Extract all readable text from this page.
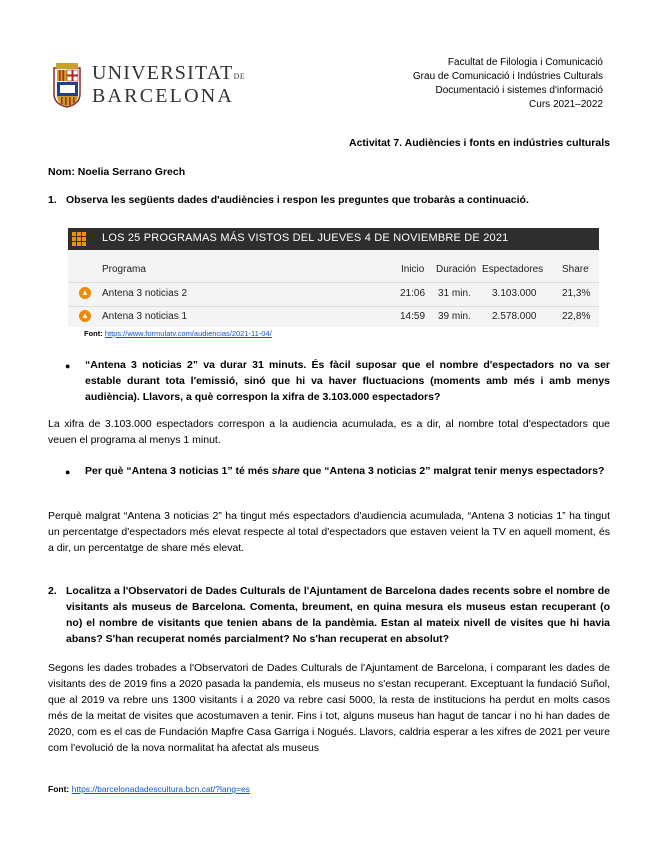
UNIVERSITATDE
BARCELONA
Facultat de Filologia i Comunicació
Grau de Comunicació i Indústries Culturals
Documentació i sistemes d'informació
Curs 2021–2022
Activitat 7. Audiències i fonts en indústries culturals
Nom: Noelia Serrano Grech
1. Observa les següents dades d'audiències i respon les preguntes que trobaràs a continuació.
LOS 25 PROGRAMAS MÁS VISTOS DEL JUEVES 4 DE NOVIEMBRE DE 2021
Programa	Inicio Duración Espectadores Share
▲ Antena 3 noticias 2	21:06 31 min. 3.103.000	21,3%
▲ Antena 3 noticias 1	14:59 39 min. 2.578.000	22,8%
Font: https://www.formulatv.com/audiencias/2021-11-04/
● “Antena 3 noticias 2” va durar 31 minuts. És fàcil suposar que el nombre d'espectadors no va ser estable durant tota l'emissió, sinó que hi va haver fluctuacions (moments amb més i amb menys audiència). Llavors, a què correspon la xifra de 3.103.000 espectadors?
La xifra de 3.103.000 espectadors correspon a la audiencia acumulada, es a dir, al nombre total d'espectadors que veuen el programa al menys 1 minut.
● Per què “Antena 3 noticias 1” té més share que “Antena 3 noticias 2” malgrat tenir menys espectadors?
Perquè malgrat “Antena 3 noticias 2” ha tingut més espectadors d'audiencia acumulada, “Antena 3 noticias 1” ha tingut un percentatge d'espectadors més elevat respecte al total d'espectadors que estaven veient la TV en aquell moment, és a dir, un percentatge de share més elevat.
2. Localitza a l'Observatori de Dades Culturals de l'Ajuntament de Barcelona dades recents sobre el nombre de visitants als museus de Barcelona. Comenta, breument, en quina mesura els museus estan recuperant (o no) el nombre de visitants que tenien abans de la pandèmia. Estan al mateix nivell de visites que hi havia abans? S'han recuperat només parcialment? No s'han recuperat en absolut?
Segons les dades trobades a l'Observatori de Dades Culturals de l'Ajuntament de Barcelona, i comparant les dades de visitants des de 2019 fins a 2020 pasada la pandemia, els museus no s'estan recuperant. Exceptuant la fundació Suñol, que al 2019 va rebre uns 1300 visitants i a 2020 va rebre casi 5000, la resta de institucions ha perdut en molts casos més de la meitat de visites que acostumaven a tenir. Fins i tot, alguns museus han hagut de tancar i no hi han dades de 2020, com es el cas de Fundación Mapfre Casa Garriga i Nogués. Llavors, caldria esperar a les xifres de 2021 per veure com l'evolució de la nova normalitat ha afectat als museus
Font: https://barcelonadadescultura.bcn.cat/?lang=es
